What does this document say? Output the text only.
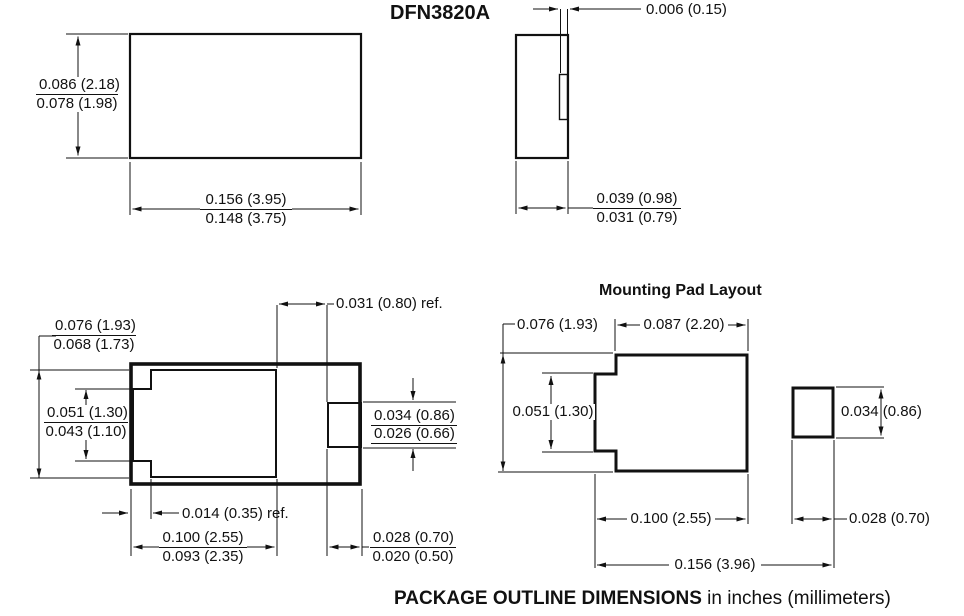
DFN3820A
$\frac{0.086 (2.18)}{0.078 (1.98)}$
$\frac{0.156 (3.95)}{0.148 (3.75)}$
0.006 (0.15)
$\frac{0.039 (0.98)}{0.031 (0.79)}$
0.031 (0.80) ref.
$\frac{0.076 (1.93)}{0.068 (1.73)}$
$\frac{0.051 (1.30)}{0.043 (1.10)}$	$\frac{0.034 (0.86)}{0.026 (0.66)}$
0.014 (0.35) ref.
$\frac{0.100 (2.55)}{0.093 (2.35)}$	$\frac{0.028 (0.70)}{0.020 (0.50)}$
Mounting Pad Layout
0.076 (1.93)	0.087 (2.20)
0.051 (1.30)	0.034 (0.86)
0.100 (2.55)	0.028 (0.70)
0.156 (3.96)
PACKAGE OUTLINE DIMENSIONS in inches (millimeters)
